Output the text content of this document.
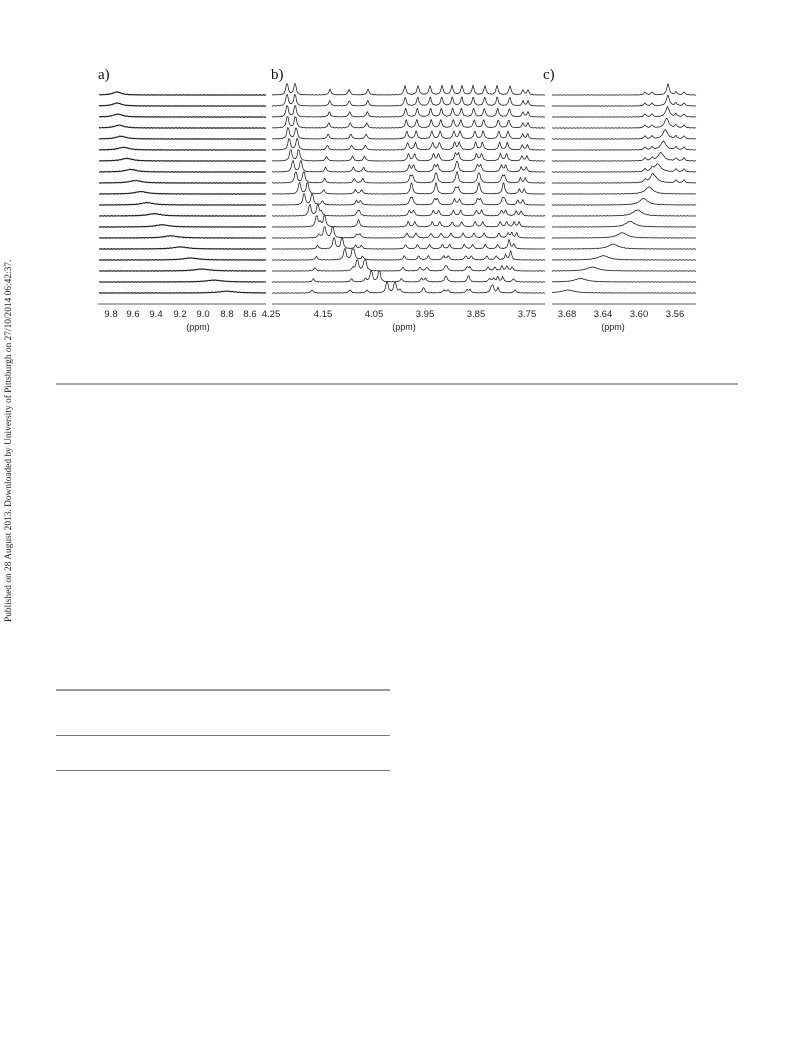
Published on 28 August 2013. Downloaded by University of Pittsburgh on 27/10/2014 06:42:37.
a)
9.8 9.6 9.4 9.2 9.0 8.8 8.6
(ppm)
b)
4.25	4.15	4.05	3.95	3.85	3.75
(ppm)
c)
3.68 3.64 3.60 3.56
(ppm)
